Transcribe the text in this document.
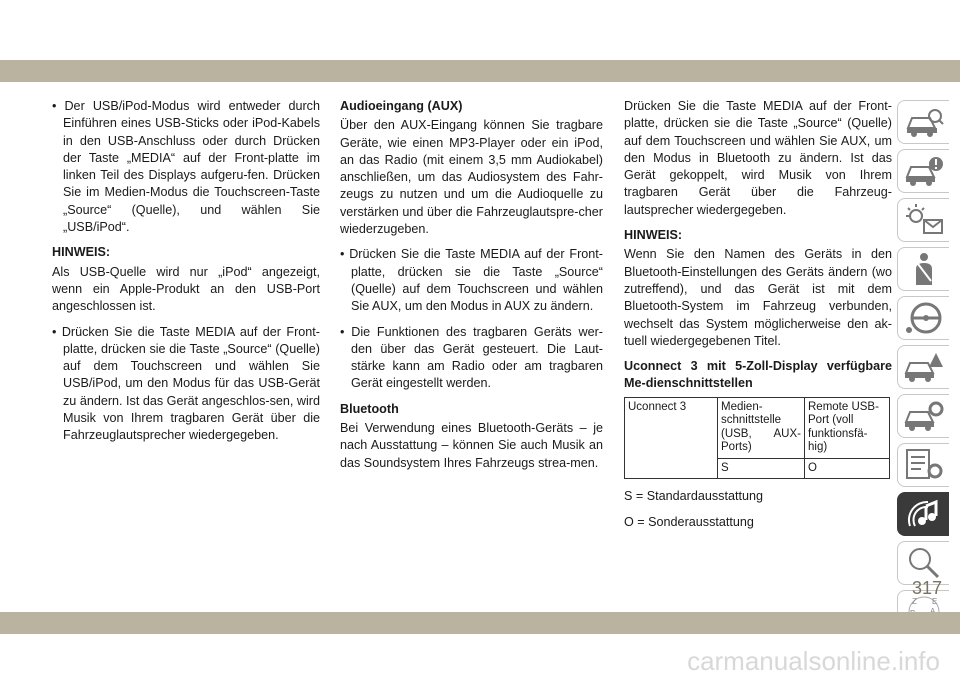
• Der USB/iPod-Modus wird entweder durch Einführen eines USB-Sticks oder iPod-Kabels in den USB-Anschluss oder durch Drücken der Taste „MEDIA“ auf der Front-platte im linken Teil des Displays aufgeru-fen. Drücken Sie im Medien-Modus die Touchscreen-Taste „Source“ (Quelle), und wählen Sie „USB/iPod“.

HINWEIS:

Als USB-Quelle wird nur „iPod“ angezeigt, wenn ein Apple-Produkt an den USB-Port angeschlossen ist.

• Drücken Sie die Taste MEDIA auf der Front-platte, drücken sie die Taste „Source“ (Quelle) auf dem Touchscreen und wählen Sie USB/iPod, um den Modus für das USB-Gerät zu ändern. Ist das Gerät angeschlos-sen, wird Musik von Ihrem tragbaren Gerät über die Fahrzeuglautsprecher wiedergegeben.

Audioeingang (AUX)

Über den AUX-Eingang können Sie tragbare Geräte, wie einen MP3-Player oder ein iPod, an das Radio (mit einem 3,5 mm Audiokabel) anschließen, um das Audiosystem des Fahr-zeugs zu nutzen und um die Audioquelle zu verstärken und über die Fahrzeuglautspre-cher wiederzugeben.

• Drücken Sie die Taste MEDIA auf der Front-platte, drücken sie die Taste „Source“ (Quelle) auf dem Touchscreen und wählen Sie AUX, um den Modus in AUX zu ändern.

• Die Funktionen des tragbaren Geräts wer-den über das Gerät gesteuert. Die Laut-stärke kann am Radio oder am tragbaren Gerät eingestellt werden.

Bluetooth

Bei Verwendung eines Bluetooth-Geräts – je nach Ausstattung – können Sie auch Musik an das Soundsystem Ihres Fahrzeugs strea-men.

Drücken Sie die Taste MEDIA auf der Front-platte, drücken sie die Taste „Source“ (Quelle) auf dem Touchscreen und wählen Sie AUX, um den Modus in Bluetooth zu ändern. Ist das Gerät gekoppelt, wird Musik von Ihrem tragbaren Gerät über die Fahrzeug-lautsprecher wiedergegeben.

HINWEIS:

Wenn Sie den Namen des Geräts in den Bluetooth-Einstellungen des Geräts ändern (wo zutreffend), und das Gerät ist mit dem Bluetooth-System im Fahrzeug verbunden, wechselt das System möglicherweise den ak-tuell wiedergegebenen Titel.

Uconnect 3 mit 5-Zoll-Display verfügbare Me-dienschnittstellen

Uconnect 3	Medien-schnittstelle (USB, AUX-Ports)	Remote USB-Port (voll funktionsfä-hig)
	S	O

S = Standardausstattung

O = Sonderausstattung

Z E
317
carmanualsonline.info
